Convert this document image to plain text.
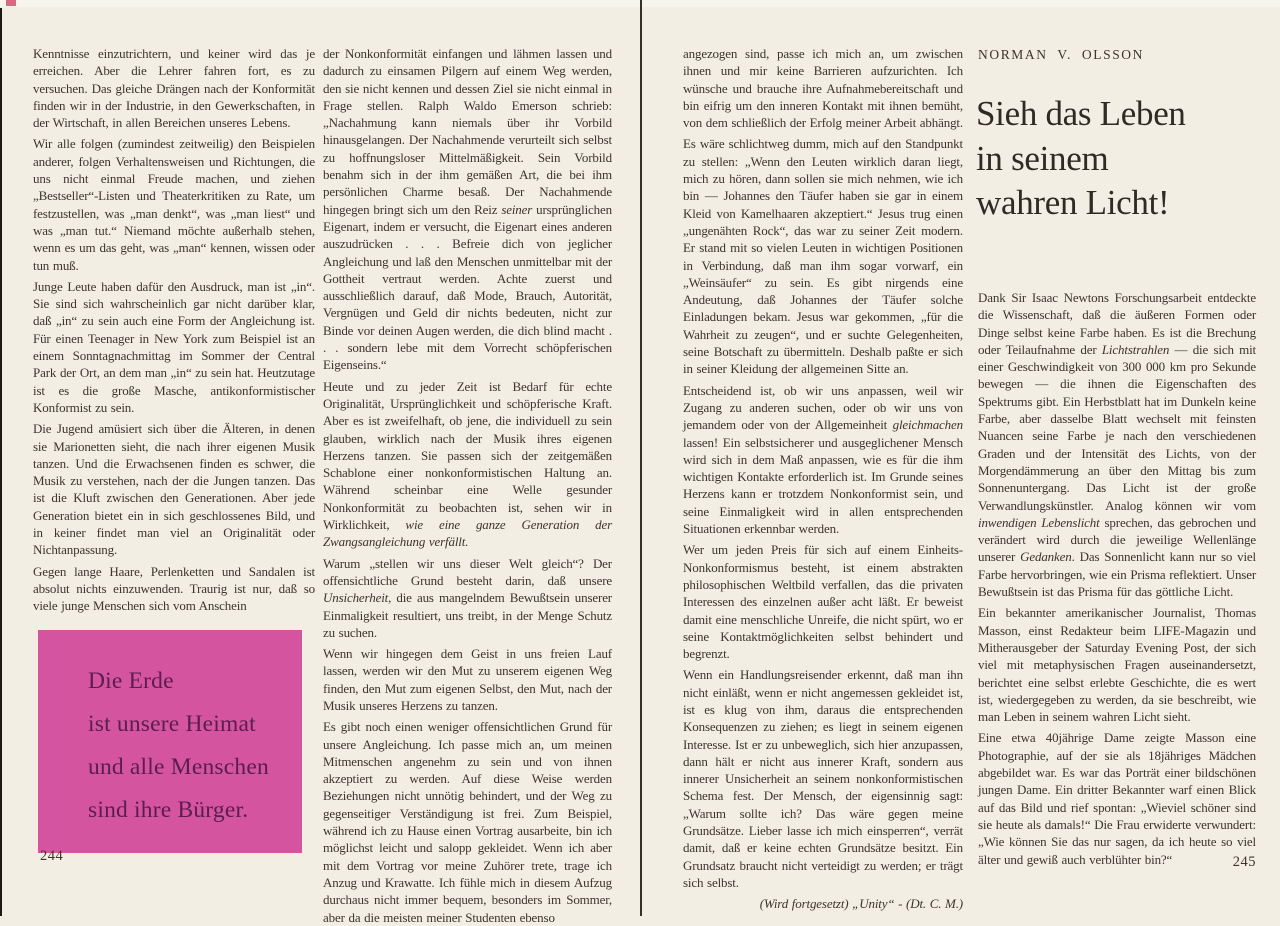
Kenntnisse einzutrichtern, und keiner wird das je erreichen. Aber die Lehrer fahren fort, es zu versuchen. Das gleiche Drängen nach der Konformität finden wir in der Industrie, in den Gewerkschaften, in der Wirtschaft, in allen Bereichen unseres Lebens.

Wir alle folgen (zumindest zeitweilig) den Beispielen anderer, folgen Verhaltensweisen und Richtungen, die uns nicht einmal Freude machen, und ziehen „Bestseller“-Listen und Theaterkritiken zu Rate, um festzustellen, was „man denkt“, was „man liest“ und was „man tut.“ Niemand möchte außerhalb stehen, wenn es um das geht, was „man“ kennen, wissen oder tun muß.

Junge Leute haben dafür den Ausdruck, man ist „in“. Sie sind sich wahrscheinlich gar nicht darüber klar, daß „in“ zu sein auch eine Form der Angleichung ist. Für einen Teenager in New York zum Beispiel ist an einem Sonntagnachmittag im Sommer der Central Park der Ort, an dem man „in“ zu sein hat. Heutzutage ist es die große Masche, antikonformistischer Konformist zu sein.

Die Jugend amüsiert sich über die Älteren, in denen sie Marionetten sieht, die nach ihrer eigenen Musik tanzen. Und die Erwachsenen finden es schwer, die Musik zu verstehen, nach der die Jungen tanzen. Das ist die Kluft zwischen den Generationen. Aber jede Generation bietet ein in sich geschlossenes Bild, und in keiner findet man viel an Originalität oder Nichtanpassung.

Gegen lange Haare, Perlenketten und Sandalen ist absolut nichts einzuwenden. Traurig ist nur, daß so viele junge Menschen sich vom Anschein

der Nonkonformität einfangen und lähmen lassen und dadurch zu einsamen Pilgern auf einem Weg werden, den sie nicht kennen und dessen Ziel sie nicht einmal in Frage stellen. Ralph Waldo Emerson schrieb: „Nachahmung kann niemals über ihr Vorbild hinausgelangen. Der Nachahmende verurteilt sich selbst zu hoffnungsloser Mittelmäßigkeit. Sein Vorbild benahm sich in der ihm gemäßen Art, die bei ihm persönlichen Charme besaß. Der Nachahmende hingegen bringt sich um den Reiz seiner ursprünglichen Eigenart, indem er versucht, die Eigenart eines anderen auszudrücken . . . Befreie dich von jeglicher Angleichung und laß den Menschen unmittelbar mit der Gottheit vertraut werden. Achte zuerst und ausschließlich darauf, daß Mode, Brauch, Autorität, Vergnügen und Geld dir nichts bedeuten, nicht zur Binde vor deinen Augen werden, die dich blind macht . . . sondern lebe mit dem Vorrecht schöpferischen Eigenseins.“

Heute und zu jeder Zeit ist Bedarf für echte Originalität, Ursprünglichkeit und schöpferische Kraft. Aber es ist zweifelhaft, ob jene, die individuell zu sein glauben, wirklich nach der Musik ihres eigenen Herzens tanzen. Sie passen sich der zeitgemäßen Schablone einer nonkonformistischen Haltung an. Während scheinbar eine Welle gesunder Nonkonformität zu beobachten ist, sehen wir in Wirklichkeit, wie eine ganze Generation der Zwangsangleichung verfällt.

Warum „stellen wir uns dieser Welt gleich“? Der offensichtliche Grund besteht darin, daß unsere Unsicherheit, die aus mangelndem Bewußtsein unserer Einmaligkeit resultiert, uns treibt, in der Menge Schutz zu suchen.

Wenn wir hingegen dem Geist in uns freien Lauf lassen, werden wir den Mut zu unserem eigenen Weg finden, den Mut zum eigenen Selbst, den Mut, nach der Musik unseres Herzens zu tanzen.

Es gibt noch einen weniger offensichtlichen Grund für unsere Angleichung. Ich passe mich an, um meinen Mitmenschen angenehm zu sein und von ihnen akzeptiert zu werden. Auf diese Weise werden Beziehungen nicht unnötig behindert, und der Weg zu gegenseitiger Verständigung ist frei. Zum Beispiel, während ich zu Hause einen Vortrag ausarbeite, bin ich möglichst leicht und salopp gekleidet. Wenn ich aber mit dem Vortrag vor meine Zuhörer trete, trage ich Anzug und Krawatte. Ich fühle mich in diesem Aufzug durchaus nicht immer bequem, besonders im Sommer, aber da die meisten meiner Studenten ebenso

Die Erde
ist unsere Heimat
und alle Menschen
sind ihre Bürger.
244

angezogen sind, passe ich mich an, um zwischen ihnen und mir keine Barrieren aufzurichten. Ich wünsche und brauche ihre Aufnahmebereitschaft und bin eifrig um den inneren Kontakt mit ihnen bemüht, von dem schließlich der Erfolg meiner Arbeit abhängt.

Es wäre schlichtweg dumm, mich auf den Standpunkt zu stellen: „Wenn den Leuten wirklich daran liegt, mich zu hören, dann sollen sie mich nehmen, wie ich bin — Johannes den Täufer haben sie gar in einem Kleid von Kamelhaaren akzeptiert.“ Jesus trug einen „ungenähten Rock“, das war zu seiner Zeit modern. Er stand mit so vielen Leuten in wichtigen Positionen in Verbindung, daß man ihm sogar vorwarf, ein „Weinsäufer“ zu sein. Es gibt nirgends eine Andeutung, daß Johannes der Täufer solche Einladungen bekam. Jesus war gekommen, „für die Wahrheit zu zeugen“, und er suchte Gelegenheiten, seine Botschaft zu übermitteln. Deshalb paßte er sich in seiner Kleidung der allgemeinen Sitte an.

Entscheidend ist, ob wir uns anpassen, weil wir Zugang zu anderen suchen, oder ob wir uns von jemandem oder von der Allgemeinheit gleichmachen lassen! Ein selbstsicherer und ausgeglichener Mensch wird sich in dem Maß anpassen, wie es für die ihm wichtigen Kontakte erforderlich ist. Im Grunde seines Herzens kann er trotzdem Nonkonformist sein, und seine Einmaligkeit wird in allen entsprechenden Situationen erkennbar werden.

Wer um jeden Preis für sich auf einem Einheits-Nonkonformismus besteht, ist einem abstrakten philosophischen Weltbild verfallen, das die privaten Interessen des einzelnen außer acht läßt. Er beweist damit eine menschliche Unreife, die nicht spürt, wo er seine Kontaktmöglichkeiten selbst behindert und begrenzt.

Wenn ein Handlungsreisender erkennt, daß man ihn nicht einläßt, wenn er nicht angemessen gekleidet ist, ist es klug von ihm, daraus die entsprechenden Konsequenzen zu ziehen; es liegt in seinem eigenen Interesse. Ist er zu unbeweglich, sich hier anzupassen, dann hält er nicht aus innerer Kraft, sondern aus innerer Unsicherheit an seinem nonkonformistischen Schema fest. Der Mensch, der eigensinnig sagt: „Warum sollte ich? Das wäre gegen meine Grundsätze. Lieber lasse ich mich einsperren“, verrät damit, daß er keine echten Grundsätze besitzt. Ein Grundsatz braucht nicht verteidigt zu werden; er trägt sich selbst.

(Wird fortgesetzt) „Unity“ - (Dt. C. M.)
NORMAN V. OLSSON
Sieh das Leben
in seinem
wahren Licht!

Dank Sir Isaac Newtons Forschungsarbeit entdeckte die Wissenschaft, daß die äußeren Formen oder Dinge selbst keine Farbe haben. Es ist die Brechung oder Teilaufnahme der Lichtstrahlen — die sich mit einer Geschwindigkeit von 300 000 km pro Sekunde bewegen — die ihnen die Eigenschaften des Spektrums gibt. Ein Herbstblatt hat im Dunkeln keine Farbe, aber dasselbe Blatt wechselt mit feinsten Nuancen seine Farbe je nach den verschiedenen Graden und der Intensität des Lichts, von der Morgendämmerung an über den Mittag bis zum Sonnenuntergang. Das Licht ist der große Verwandlungskünstler. Analog können wir vom inwendigen Lebenslicht sprechen, das gebrochen und verändert wird durch die jeweilige Wellenlänge unserer Gedanken. Das Sonnenlicht kann nur so viel Farbe hervorbringen, wie ein Prisma reflektiert. Unser Bewußtsein ist das Prisma für das göttliche Licht.

Ein bekannter amerikanischer Journalist, Thomas Masson, einst Redakteur beim LIFE-Magazin und Mitherausgeber der Saturday Evening Post, der sich viel mit metaphysischen Fragen auseinandersetzt, berichtet eine selbst erlebte Geschichte, die es wert ist, wiedergegeben zu werden, da sie beschreibt, wie man Leben in seinem wahren Licht sieht.

Eine etwa 40jährige Dame zeigte Masson eine Photographie, auf der sie als 18jähriges Mädchen abgebildet war. Es war das Porträt einer bildschönen jungen Dame. Ein dritter Bekannter warf einen Blick auf das Bild und rief spontan: „Wieviel schöner sind sie heute als damals!“ Die Frau erwiderte verwundert: „Wie können Sie das nur sagen, da ich heute so viel älter und gewiß auch verblühter bin?“	245
